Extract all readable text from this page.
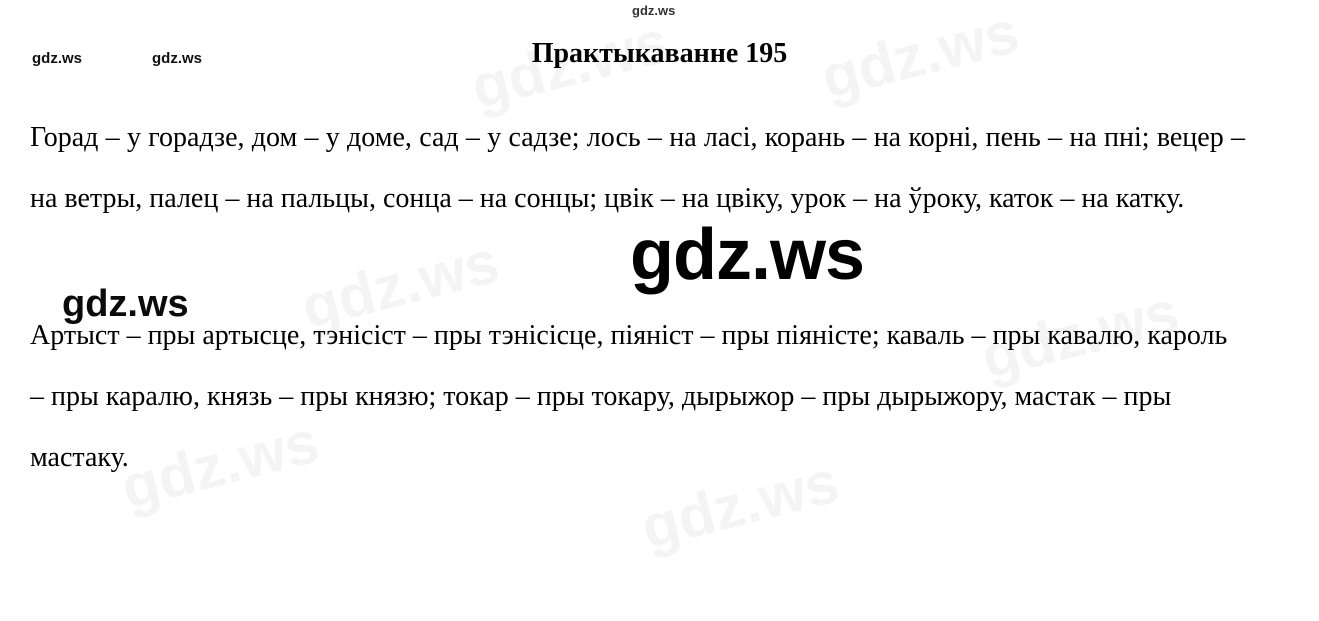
Практыкаванне 195

Горад – у горадзе, дом – у доме, сад – у садзе; лось – на ласі, корань – на корні, пень – на пні; вецер – на ветры, палец – на пальцы, сонца – на сонцы; цвік – на цвіку, урок – на ўроку, каток – на катку.

Артыст – пры артысце, тэнісіст – пры тэнісісце, піяніст – пры піяністе; каваль – пры кавалю, кароль – пры каралю, князь – пры князю; токар – пры токару, дырыжор – пры дырыжору, мастак – пры мастаку.

gdz.ws
gdz.ws	gdz.ws
gdz.ws
gdz.ws
